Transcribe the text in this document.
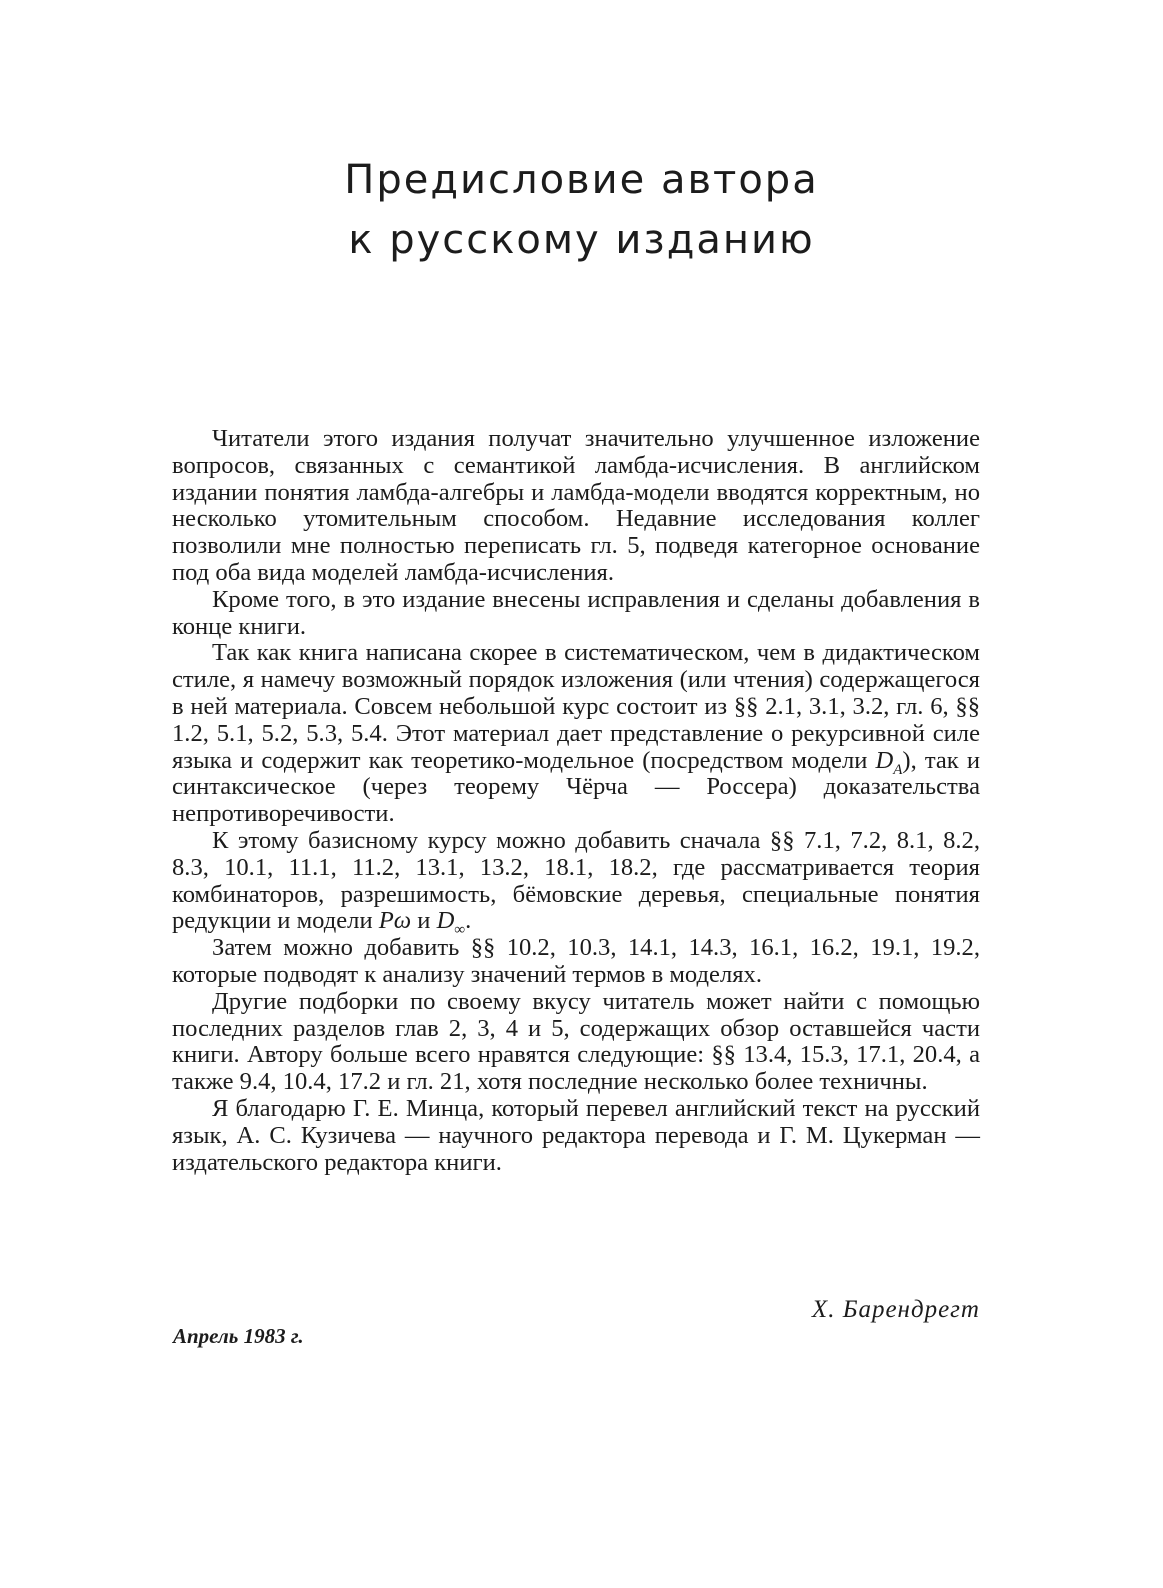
Предисловие автора
к русскому изданию

Читатели этого издания получат значительно улучшенное изложение вопросов, связанных с семантикой ламбда-исчисления. В английском издании понятия ламбда-алгебры и ламбда-модели вводятся корректным, но несколько утомительным способом. Недавние исследования коллег позволили мне полностью переписать гл. 5, подведя категорное основание под оба вида моделей ламбда-исчисления.

Кроме того, в это издание внесены исправления и сделаны добавления в конце книги.

Так как книга написана скорее в систематическом, чем в дидактическом стиле, я намечу возможный порядок изложения (или чтения) содержащегося в ней материала. Совсем небольшой курс состоит из §§ 2.1, 3.1, 3.2, гл. 6, §§ 1.2, 5.1, 5.2, 5.3, 5.4. Этот материал дает представление о рекурсивной силе языка и содержит как теоретико-модельное (посредством модели $D_A$), так и синтаксическое (через теорему Чёрча — Россера) доказательства непротиворечивости.

К этому базисному курсу можно добавить сначала §§ 7.1, 7.2, 8.1, 8.2, 8.3, 10.1, 11.1, 11.2, 13.1, 13.2, 18.1, 18.2, где рассматривается теория комбинаторов, разрешимость, бёмовские деревья, специальные понятия редукции и модели Pω и $D_\infty$.

Затем можно добавить §§ 10.2, 10.3, 14.1, 14.3, 16.1, 16.2, 19.1, 19.2, которые подводят к анализу значений термов в моделях.

Другие подборки по своему вкусу читатель может найти с помощью последних разделов глав 2, 3, 4 и 5, содержащих обзор оставшейся части книги. Автору больше всего нравятся следующие: §§ 13.4, 15.3, 17.1, 20.4, а также 9.4, 10.4, 17.2 и гл. 21, хотя последние несколько более техничны.

Я благодарю Г. Е. Минца, который перевел английский текст на русский язык, А. С. Кузичева — научного редактора перевода и Г. М. Цукерман — издательского редактора книги.

Х. Барендрегт
Апрель 1983 г.
